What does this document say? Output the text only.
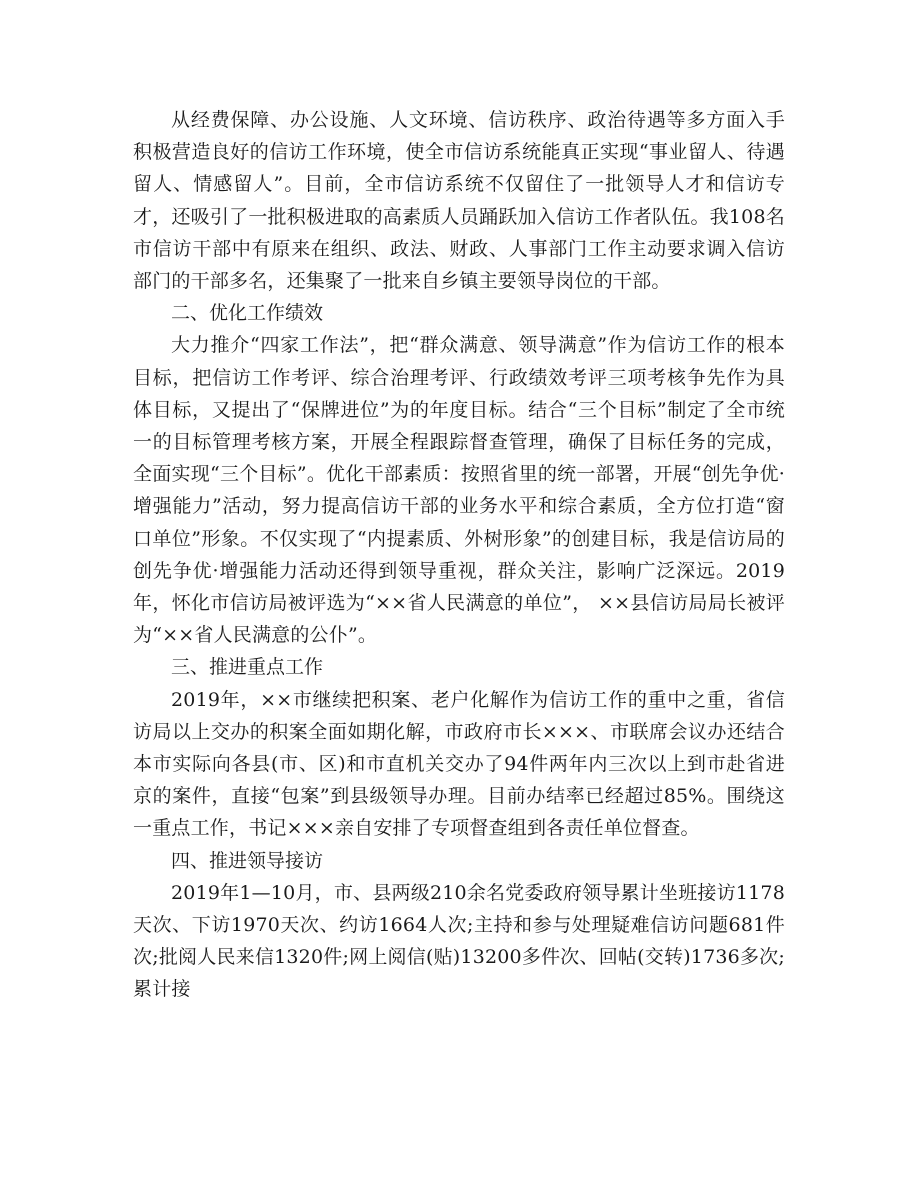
从经费保障、办公设施、人文环境、信访秩序、政治待遇等多方面入手积极营造良好的信访工作环境，使全市信访系统能真正实现“事业留人、待遇留人、情感留人”。目前，全市信访系统不仅留住了一批领导人才和信访专才，还吸引了一批积极进取的高素质人员踊跃加入信访工作者队伍。我108名市信访干部中有原来在组织、政法、财政、人事部门工作主动要求调入信访部门的干部多名，还集聚了一批来自乡镇主要领导岗位的干部。

二、优化工作绩效

大力推介“四家工作法”，把“群众满意、领导满意”作为信访工作的根本目标，把信访工作考评、综合治理考评、行政绩效考评三项考核争先作为具体目标，又提出了“保牌进位”为的年度目标。结合“三个目标”制定了全市统一的目标管理考核方案，开展全程跟踪督查管理，确保了目标任务的完成，全面实现“三个目标”。优化干部素质：按照省里的统一部署，开展“创先争优·增强能力”活动，努力提高信访干部的业务水平和综合素质，全方位打造“窗口单位”形象。不仅实现了“内提素质、外树形象”的创建目标，我是信访局的创先争优·增强能力活动还得到领导重视，群众关注，影响广泛深远。2019年，怀化市信访局被评选为“××省人民满意的单位”， ××县信访局局长被评为“××省人民满意的公仆”。

三、推进重点工作

2019年，××市继续把积案、老户化解作为信访工作的重中之重，省信访局以上交办的积案全面如期化解，市政府市长×××、市联席会议办还结合本市实际向各县(市、区)和市直机关交办了94件两年内三次以上到市赴省进京的案件，直接“包案”到县级领导办理。目前办结率已经超过85%。围绕这一重点工作，书记×××亲自安排了专项督查组到各责任单位督查。

四、推进领导接访

2019年1—10月，市、县两级210余名党委政府领导累计坐班接访1178天次、下访1970天次、约访1664人次;主持和参与处理疑难信访问题681件次;批阅人民来信1320件;网上阅信(贴)13200多件次、回帖(交转)1736多次;累计接
